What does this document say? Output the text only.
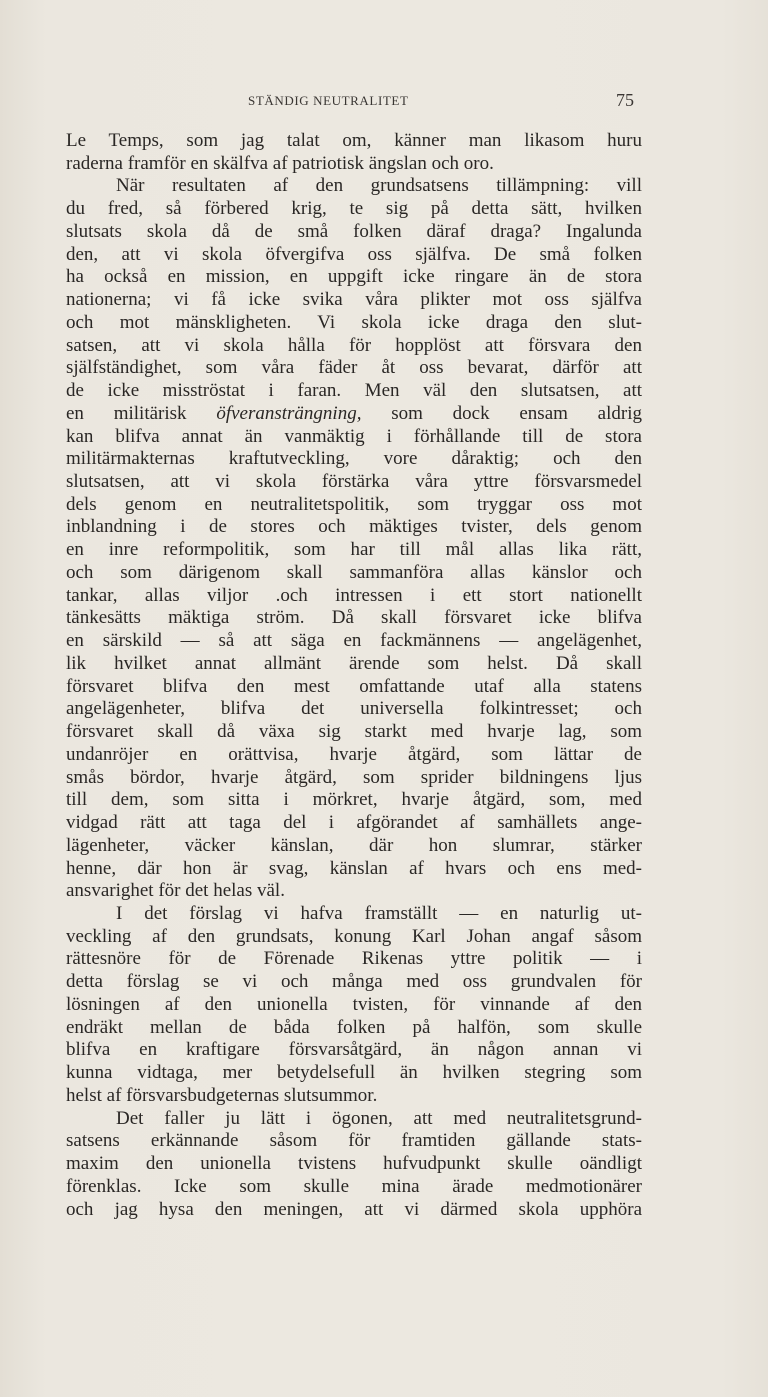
STÄNDIG NEUTRALITET	75
Le Temps, som jag talat om, känner man likasom huru
raderna framför en skälfva af patriotisk ängslan och oro.
När resultaten af den grundsatsens tillämpning: vill
du fred, så förbered krig, te sig på detta sätt, hvilken
slutsats skola då de små folken däraf draga? Ingalunda
den, att vi skola öfvergifva oss själfva. De små folken
ha också en mission, en uppgift icke ringare än de stora
nationerna; vi få icke svika våra plikter mot oss själfva
och mot mänskligheten. Vi skola icke draga den slut-
satsen, att vi skola hålla för hopplöst att försvara den
själfständighet, som våra fäder åt oss bevarat, därför att
de icke misströstat i faran. Men väl den slutsatsen, att
en militärisk öfveransträngning, som dock ensam aldrig
kan blifva annat än vanmäktig i förhållande till de stora
militärmakternas kraftutveckling, vore dåraktig; och den
slutsatsen, att vi skola förstärka våra yttre försvarsmedel
dels genom en neutralitetspolitik, som tryggar oss mot
inblandning i de stores och mäktiges tvister, dels genom
en inre reformpolitik, som har till mål allas lika rätt,
och som därigenom skall sammanföra allas känslor och
tankar, allas viljor .och intressen i ett stort nationellt
tänkesätts mäktiga ström. Då skall försvaret icke blifva
en särskild — så att säga en fackmännens — angelägenhet,
lik hvilket annat allmänt ärende som helst. Då skall
försvaret blifva den mest omfattande utaf alla statens
angelägenheter, blifva det universella folkintresset; och
försvaret skall då växa sig starkt med hvarje lag, som
undanröjer en orättvisa, hvarje åtgärd, som lättar de
smås bördor, hvarje åtgärd, som sprider bildningens ljus
till dem, som sitta i mörkret, hvarje åtgärd, som, med
vidgad rätt att taga del i afgörandet af samhällets ange-
lägenheter, väcker känslan, där hon slumrar, stärker
henne, där hon är svag, känslan af hvars och ens med-
ansvarighet för det helas väl.
I det förslag vi hafva framställt — en naturlig ut-
veckling af den grundsats, konung Karl Johan angaf såsom
rättesnöre för de Förenade Rikenas yttre politik — i
detta förslag se vi och många med oss grundvalen för
lösningen af den unionella tvisten, för vinnande af den
endräkt mellan de båda folken på halfön, som skulle
blifva en kraftigare försvarsåtgärd, än någon annan vi
kunna vidtaga, mer betydelsefull än hvilken stegring som
helst af försvarsbudgeternas slutsummor.
Det faller ju lätt i ögonen, att med neutralitetsgrund-
satsens erkännande såsom för framtiden gällande stats-
maxim den unionella tvistens hufvudpunkt skulle oändligt
förenklas. Icke som skulle mina ärade medmotionärer
och jag hysa den meningen, att vi därmed skola upphöra
